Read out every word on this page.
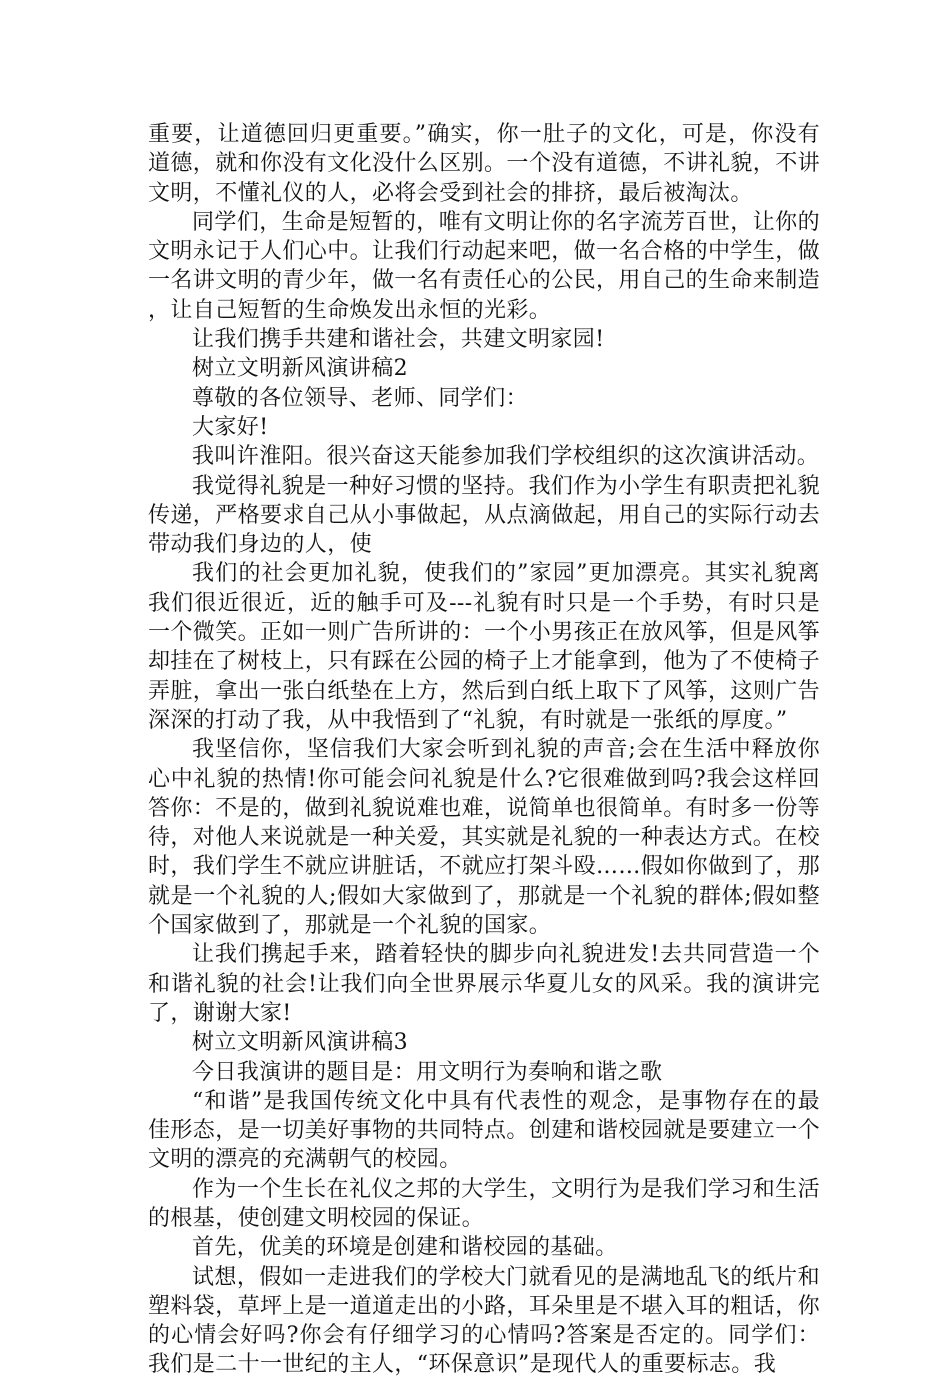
重要，让道德回归更重要。”确实，你一肚子的文化，可是，你没有道德，就和你没有文化没什么区别。一个没有道德，不讲礼貌，不讲文明，不懂礼仪的人，必将会受到社会的排挤，最后被淘汰。

同学们，生命是短暂的，唯有文明让你的名字流芳百世，让你的文明永记于人们心中。让我们行动起来吧，做一名合格的中学生，做一名讲文明的青少年，做一名有责任心的公民，用自己的生命来制造，让自己短暂的生命焕发出永恒的光彩。

让我们携手共建和谐社会，共建文明家园!

树立文明新风演讲稿2

尊敬的各位领导、老师、同学们：

大家好!

我叫许淮阳。很兴奋这天能参加我们学校组织的这次演讲活动。

我觉得礼貌是一种好习惯的坚持。我们作为小学生有职责把礼貌传递，严格要求自己从小事做起，从点滴做起，用自己的实际行动去带动我们身边的人，使

我们的社会更加礼貌，使我们的”家园”更加漂亮。其实礼貌离我们很近很近，近的触手可及---礼貌有时只是一个手势，有时只是一个微笑。正如一则广告所讲的：一个小男孩正在放风筝，但是风筝却挂在了树枝上，只有踩在公园的椅子上才能拿到，他为了不使椅子弄脏，拿出一张白纸垫在上方，然后到白纸上取下了风筝，这则广告深深的打动了我，从中我悟到了“礼貌，有时就是一张纸的厚度。”

我坚信你，坚信我们大家会听到礼貌的声音;会在生活中释放你心中礼貌的热情!你可能会问礼貌是什么?它很难做到吗?我会这样回答你：不是的，做到礼貌说难也难，说简单也很简单。有时多一份等待，对他人来说就是一种关爱，其实就是礼貌的一种表达方式。在校时，我们学生不就应讲脏话，不就应打架斗殴……假如你做到了，那就是一个礼貌的人;假如大家做到了，那就是一个礼貌的群体;假如整个国家做到了，那就是一个礼貌的国家。

让我们携起手来，踏着轻快的脚步向礼貌进发!去共同营造一个和谐礼貌的社会!让我们向全世界展示华夏儿女的风采。我的演讲完了，谢谢大家!

树立文明新风演讲稿3

今日我演讲的题目是：用文明行为奏响和谐之歌

“和谐”是我国传统文化中具有代表性的观念，是事物存在的最佳形态，是一切美好事物的共同特点。创建和谐校园就是要建立一个文明的漂亮的充满朝气的校园。

作为一个生长在礼仪之邦的大学生，文明行为是我们学习和生活的根基，使创建文明校园的保证。

首先，优美的环境是创建和谐校园的基础。

试想，假如一走进我们的学校大门就看见的是满地乱飞的纸片和塑料袋，草坪上是一道道走出的小路，耳朵里是不堪入耳的粗话，你的心情会好吗?你会有仔细学习的心情吗?答案是否定的。同学们：我们是二十一世纪的主人，“环保意识”是现代人的重要标志。我
